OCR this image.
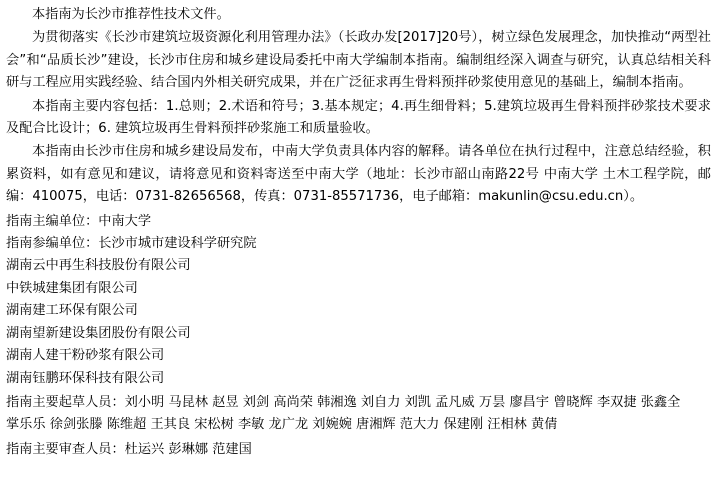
本指南为长沙市推荐性技术文件。

为贯彻落实《长沙市建筑垃圾资源化利用管理办法》（长政办发[2017]20号），树立绿色发展理念，加快推动“两型社会”和“品质长沙”建设，长沙市住房和城乡建设局委托中南大学编制本指南。编制组经深入调查与研究，认真总结相关科研与工程应用实践经验、结合国内外相关研究成果，并在广泛征求再生骨料预拌砂浆使用意见的基础上，编制本指南。

本指南主要内容包括：1.总则；2.术语和符号；3.基本规定；4.再生细骨料；5.建筑垃圾再生骨料预拌砂浆技术要求及配合比设计；6. 建筑垃圾再生骨料预拌砂浆施工和质量验收。

本指南由长沙市住房和城乡建设局发布，中南大学负责具体内容的解释。请各单位在执行过程中，注意总结经验，积累资料，如有意见和建议，请将意见和资料寄送至中南大学（地址：长沙市韶山南路22号 中南大学 土木工程学院，邮编：410075，电话：0731-82656568，传真：0731-85571736，电子邮箱：makunlin@csu.edu.cn）。

指南主编单位：中南大学

指南参编单位：长沙市城市建设科学研究院

湖南云中再生科技股份有限公司

中铁城建集团有限公司

湖南建工环保有限公司

湖南望新建设集团股份有限公司

湖南人建干粉砂浆有限公司

湖南钰鹏环保科技有限公司

指南主要起草人员：刘小明 马昆林 赵昱 刘剑 高尚荣 韩湘逸 刘自力 刘凯 孟凡威 万昙 廖昌宇 曾晓辉 李双捷 张鑫全

掌乐乐 徐剑张滕 陈维超 王其良 宋松树 李敏 龙广龙 刘婉婉 唐湘辉 范大力 保建刚 汪相林 黄倩

指南主要审查人员：杜运兴 彭琳娜 范建国
